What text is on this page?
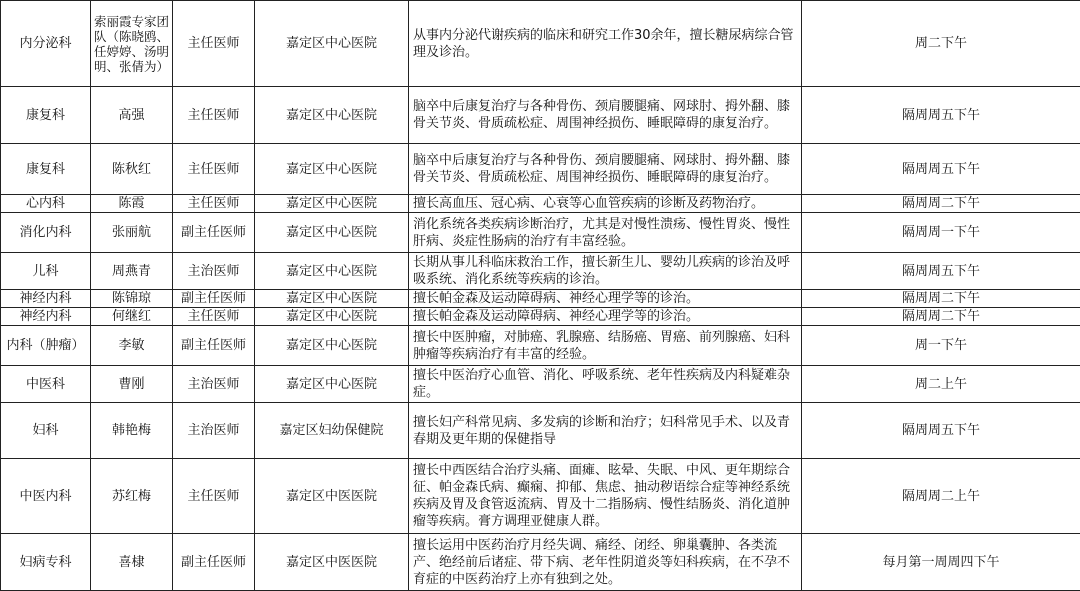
内分泌科	索丽霞专家团队（陈晓鸥、任婷婷、汤明明、张倩为）	主任医师	嘉定区中心医院	从事内分泌代谢疾病的临床和研究工作30余年，擅长糖尿病综合管理及诊治。	周二下午
康复科	高强	主任医师	嘉定区中心医院	脑卒中后康复治疗与各种骨伤、颈肩腰腿痛、网球肘、拇外翻、膝骨关节炎、骨质疏松症、周围神经损伤、睡眠障碍的康复治疗。	隔周周五下午
康复科	陈秋红	主任医师	嘉定区中心医院	脑卒中后康复治疗与各种骨伤、颈肩腰腿痛、网球肘、拇外翻、膝骨关节炎、骨质疏松症、周围神经损伤、睡眠障碍的康复治疗。	隔周周五下午
心内科	陈霞	主任医师	嘉定区中心医院	擅长高血压、冠心病、心衰等心血管疾病的诊断及药物治疗。	隔周周二下午
消化内科	张丽航	副主任医师	嘉定区中心医院	消化系统各类疾病诊断治疗，尤其是对慢性溃疡、慢性胃炎、慢性肝病、炎症性肠病的治疗有丰富经验。	隔周周一下午
儿科	周燕青	主治医师	嘉定区中心医院	长期从事儿科临床救治工作，擅长新生儿、婴幼儿疾病的诊治及呼吸系统、消化系统等疾病的诊治。	隔周周五下午
神经内科	陈锦琼	副主任医师	嘉定区中心医院	擅长帕金森及运动障碍病、神经心理学等的诊治。	隔周周二下午
神经内科	何继红	主任医师	嘉定区中心医院	擅长帕金森及运动障碍病、神经心理学等的诊治。	隔周周二下午
内科（肿瘤）	李敏	副主任医师	嘉定区中心医院	擅长中医肿瘤，对肺癌、乳腺癌、结肠癌、胃癌、前列腺癌、妇科肿瘤等疾病治疗有丰富的经验。	周一下午
中医科	曹刚	主治医师	嘉定区中心医院	擅长中医治疗心血管、消化、呼吸系统、老年性疾病及内科疑难杂症。	周二上午
妇科	韩艳梅	主治医师	嘉定区妇幼保健院	擅长妇产科常见病、多发病的诊断和治疗；妇科常见手术、以及青春期及更年期的保健指导	隔周周五下午
中医内科	苏红梅	主任医师	嘉定区中医医院	擅长中西医结合治疗头痛、面瘫、眩晕、失眠、中风、更年期综合征、帕金森氏病、癫痫、抑郁、焦虑、抽动秽语综合症等神经系统疾病及胃及食管返流病、胃及十二指肠病、慢性结肠炎、消化道肿瘤等疾病。膏方调理亚健康人群。	隔周周二上午
妇病专科	喜棣	副主任医师	嘉定区中医医院	擅长运用中医药治疗月经失调、痛经、闭经、卵巢囊肿、各类流产、绝经前后诸症、带下病、老年性阴道炎等妇科疾病，在不孕不育症的中医药治疗上亦有独到之处。	每月第一周周四下午
